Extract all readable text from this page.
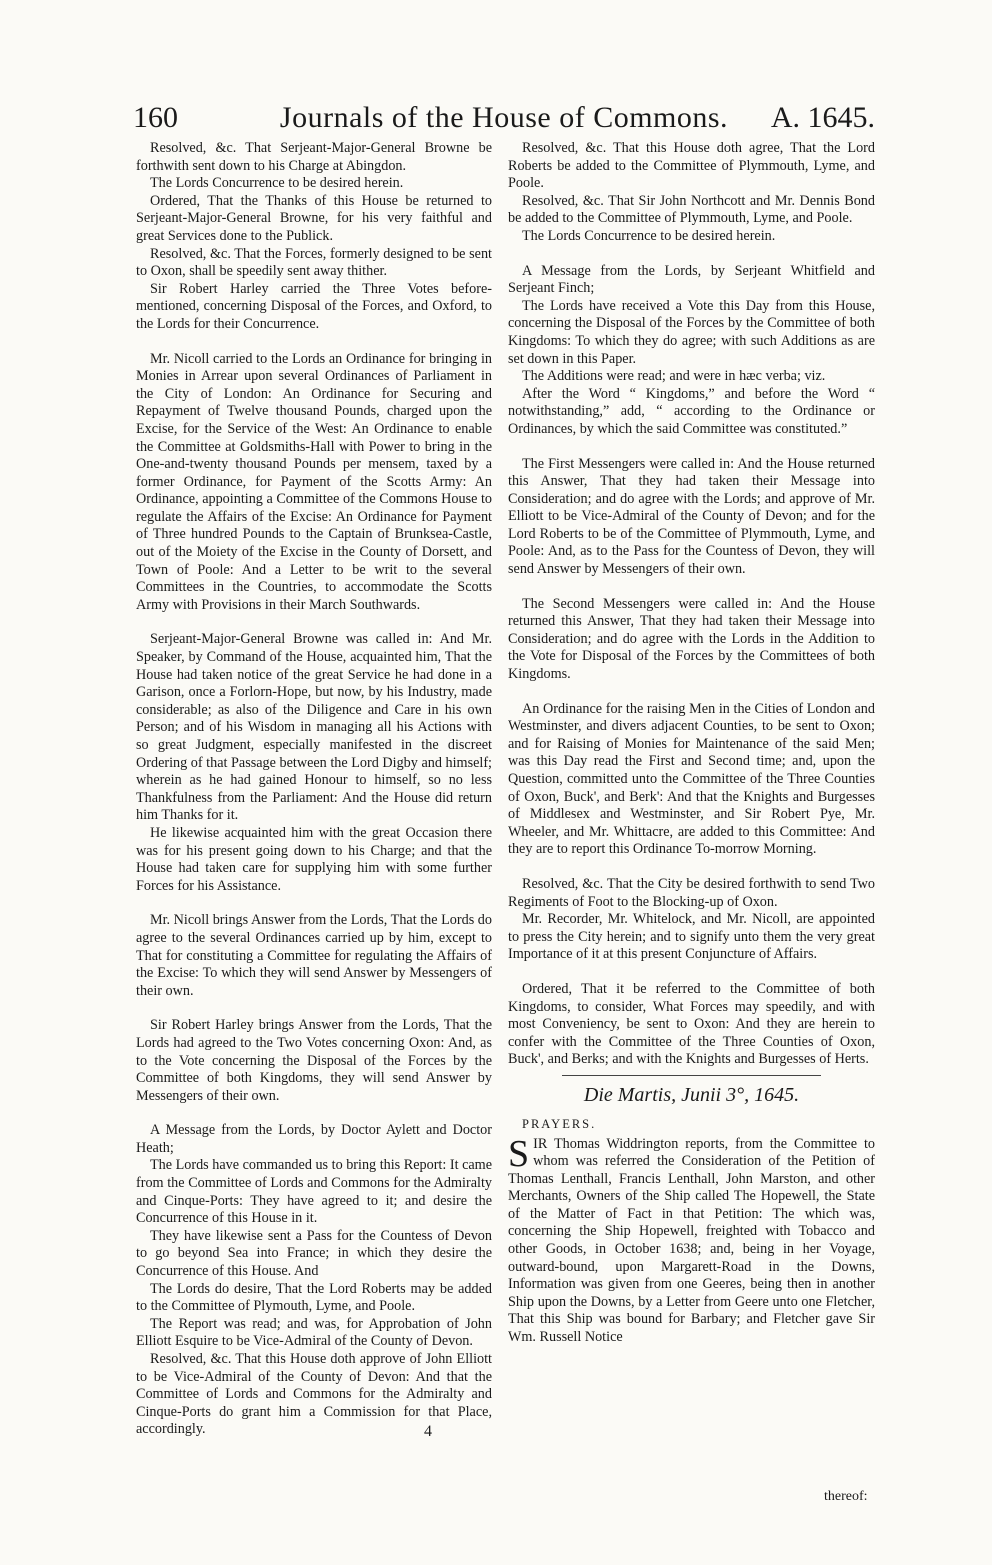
160	Journals of the House of Commons.	A. 1645.

Resolved, &c. That Serjeant-Major-General Browne be forthwith sent down to his Charge at Abingdon.

The Lords Concurrence to be desired herein.

Ordered, That the Thanks of this House be returned to Serjeant-Major-General Browne, for his very faithful and great Services done to the Publick.

Resolved, &c. That the Forces, formerly designed to be sent to Oxon, shall be speedily sent away thither.

Sir Robert Harley carried the Three Votes before-mentioned, concerning Disposal of the Forces, and Oxford, to the Lords for their Concurrence.

Mr. Nicoll carried to the Lords an Ordinance for bringing in Monies in Arrear upon several Ordinances of Parliament in the City of London: An Ordinance for Securing and Repayment of Twelve thousand Pounds, charged upon the Excise, for the Service of the West: An Ordinance to enable the Committee at Goldsmiths-Hall with Power to bring in the One-and-twenty thousand Pounds per mensem, taxed by a former Ordinance, for Payment of the Scotts Army: An Ordinance, appointing a Committee of the Commons House to regulate the Affairs of the Excise: An Ordinance for Payment of Three hundred Pounds to the Captain of Brunksea-Castle, out of the Moiety of the Excise in the County of Dorsett, and Town of Poole: And a Letter to be writ to the several Committees in the Countries, to accommodate the Scotts Army with Provisions in their March Southwards.

Serjeant-Major-General Browne was called in: And Mr. Speaker, by Command of the House, acquainted him, That the House had taken notice of the great Service he had done in a Garison, once a Forlorn-Hope, but now, by his Industry, made considerable; as also of the Diligence and Care in his own Person; and of his Wisdom in managing all his Actions with so great Judgment, especially manifested in the discreet Ordering of that Passage between the Lord Digby and himself; wherein as he had gained Honour to himself, so no less Thankfulness from the Parliament: And the House did return him Thanks for it.

He likewise acquainted him with the great Occasion there was for his present going down to his Charge; and that the House had taken care for supplying him with some further Forces for his Assistance.

Mr. Nicoll brings Answer from the Lords, That the Lords do agree to the several Ordinances carried up by him, except to That for constituting a Committee for regulating the Affairs of the Excise: To which they will send Answer by Messengers of their own.

Sir Robert Harley brings Answer from the Lords, That the Lords had agreed to the Two Votes concerning Oxon: And, as to the Vote concerning the Disposal of the Forces by the Committee of both Kingdoms, they will send Answer by Messengers of their own.

A Message from the Lords, by Doctor Aylett and Doctor Heath;

The Lords have commanded us to bring this Report: It came from the Committee of Lords and Commons for the Admiralty and Cinque-Ports: They have agreed to it; and desire the Concurrence of this House in it.

They have likewise sent a Pass for the Countess of Devon to go beyond Sea into France; in which they desire the Concurrence of this House. And

The Lords do desire, That the Lord Roberts may be added to the Committee of Plymouth, Lyme, and Poole.

The Report was read; and was, for Approbation of John Elliott Esquire to be Vice-Admiral of the County of Devon.

Resolved, &c. That this House doth approve of John Elliott to be Vice-Admiral of the County of Devon: And that the Committee of Lords and Commons for the Admiralty and Cinque-Ports do grant him a Commission for that Place, accordingly.

Resolved, &c. That this House doth agree, That the Lord Roberts be added to the Committee of Plymmouth, Lyme, and Poole.

Resolved, &c. That Sir John Northcott and Mr. Dennis Bond be added to the Committee of Plymmouth, Lyme, and Poole.

The Lords Concurrence to be desired herein.

A Message from the Lords, by Serjeant Whitfield and Serjeant Finch;

The Lords have received a Vote this Day from this House, concerning the Disposal of the Forces by the Committee of both Kingdoms: To which they do agree; with such Additions as are set down in this Paper.

The Additions were read; and were in hæc verba; viz.

After the Word “ Kingdoms,” and before the Word “ notwithstanding,” add, “ according to the Ordinance or Ordinances, by which the said Committee was constituted.”

The First Messengers were called in: And the House returned this Answer, That they had taken their Message into Consideration; and do agree with the Lords; and approve of Mr. Elliott to be Vice-Admiral of the County of Devon; and for the Lord Roberts to be of the Committee of Plymmouth, Lyme, and Poole: And, as to the Pass for the Countess of Devon, they will send Answer by Messengers of their own.

The Second Messengers were called in: And the House returned this Answer, That they had taken their Message into Consideration; and do agree with the Lords in the Addition to the Vote for Disposal of the Forces by the Committees of both Kingdoms.

An Ordinance for the raising Men in the Cities of London and Westminster, and divers adjacent Counties, to be sent to Oxon; and for Raising of Monies for Maintenance of the said Men; was this Day read the First and Second time; and, upon the Question, committed unto the Committee of the Three Counties of Oxon, Buck', and Berk': And that the Knights and Burgesses of Middlesex and Westminster, and Sir Robert Pye, Mr. Wheeler, and Mr. Whittacre, are added to this Committee: And they are to report this Ordinance To-morrow Morning.

Resolved, &c. That the City be desired forthwith to send Two Regiments of Foot to the Blocking-up of Oxon.

Mr. Recorder, Mr. Whitelock, and Mr. Nicoll, are appointed to press the City herein; and to signify unto them the very great Importance of it at this present Conjuncture of Affairs.

Ordered, That it be referred to the Committee of both Kingdoms, to consider, What Forces may speedily, and with most Conveniency, be sent to Oxon: And they are herein to confer with the Committee of the Three Counties of Oxon, Buck', and Berks; and with the Knights and Burgesses of Herts.

Die Martis, Junii 3°, 1645.
PRAYERS.

SIR Thomas Widdrington reports, from the Committee to whom was referred the Consideration of the Petition of Thomas Lenthall, Francis Lenthall, John Marston, and other Merchants, Owners of the Ship called The Hopewell, the State of the Matter of Fact in that Petition: The which was, concerning the Ship Hopewell, freighted with Tobacco and other Goods, in October 1638; and, being in her Voyage, outward-bound, upon Margarett-Road in the Downs, Information was given from one Geeres, being then in another Ship upon the Downs, by a Letter from Geere unto one Fletcher, That this Ship was bound for Barbary; and Fletcher gave Sir Wm. Russell Notice

4
thereof:
